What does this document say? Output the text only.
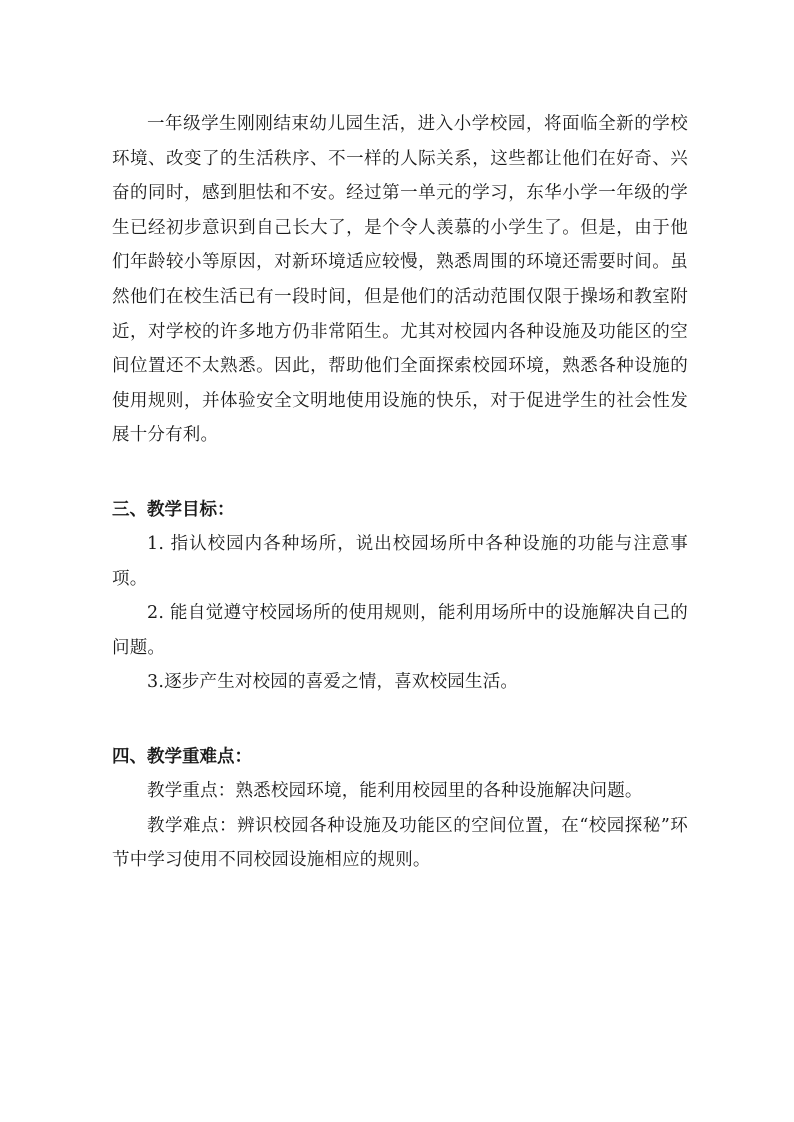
一年级学生刚刚结束幼儿园生活，进入小学校园，将面临全新的学校环境、改变了的生活秩序、不一样的人际关系，这些都让他们在好奇、兴奋的同时，感到胆怯和不安。经过第一单元的学习，东华小学一年级的学生已经初步意识到自己长大了，是个令人羡慕的小学生了。但是，由于他们年龄较小等原因，对新环境适应较慢，熟悉周围的环境还需要时间。虽然他们在校生活已有一段时间，但是他们的活动范围仅限于操场和教室附近，对学校的许多地方仍非常陌生。尤其对校园内各种设施及功能区的空间位置还不太熟悉。因此，帮助他们全面探索校园环境，熟悉各种设施的使用规则，并体验安全文明地使用设施的快乐，对于促进学生的社会性发展十分有利。

三、教学目标：

1. 指认校园内各种场所，说出校园场所中各种设施的功能与注意事项。

2. 能自觉遵守校园场所的使用规则，能利用场所中的设施解决自己的问题。

3.逐步产生对校园的喜爱之情，喜欢校园生活。

四、教学重难点：

教学重点：熟悉校园环境，能利用校园里的各种设施解决问题。

教学难点：辨识校园各种设施及功能区的空间位置，在“校园探秘”环节中学习使用不同校园设施相应的规则。
